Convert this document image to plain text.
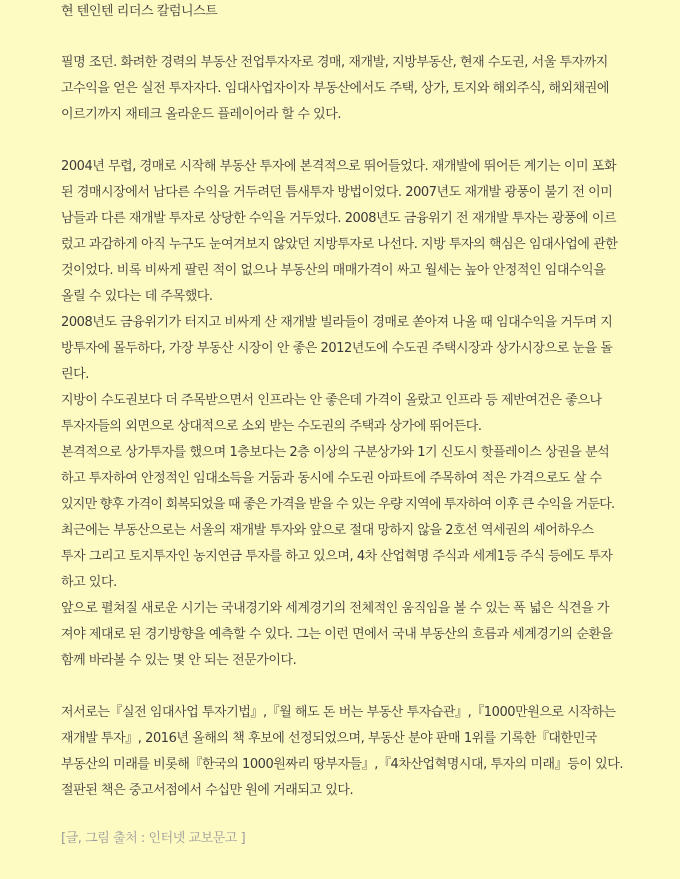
현 텐인텐 리더스 칼럼니스트
필명 조던. 화려한 경력의 부동산 전업투자자로 경매, 재개발, 지방부동산, 현재 수도권, 서울 투자까지
고수익을 얻은 실전 투자자다. 임대사업자이자 부동산에서도 주택, 상가, 토지와 해외주식, 해외채권에
이르기까지 재테크 올라운드 플레이어라 할 수 있다.
2004년 무렵, 경매로 시작해 부동산 투자에 본격적으로 뛰어들었다. 재개발에 뛰어든 계기는 이미 포화
된 경매시장에서 남다른 수익을 거두려던 틈새투자 방법이었다. 2007년도 재개발 광풍이 불기 전 이미
남들과 다른 재개발 투자로 상당한 수익을 거두었다. 2008년도 금융위기 전 재개발 투자는 광풍에 이르
렀고 과감하게 아직 누구도 눈여겨보지 않았던 지방투자로 나선다. 지방 투자의 핵심은 임대사업에 관한
것이었다. 비록 비싸게 팔린 적이 없으나 부동산의 매매가격이 싸고 월세는 높아 안정적인 임대수익을
올릴 수 있다는 데 주목했다.
2008년도 금융위기가 터지고 비싸게 산 재개발 빌라들이 경매로 쏟아져 나올 때 임대수익을 거두며 지
방투자에 몰두하다, 가장 부동산 시장이 안 좋은 2012년도에 수도권 주택시장과 상가시장으로 눈을 돌
린다.
지방이 수도권보다 더 주목받으면서 인프라는 안 좋은데 가격이 올랐고 인프라 등 제반여건은 좋으나
투자자들의 외면으로 상대적으로 소외 받는 수도권의 주택과 상가에 뛰어든다.
본격적으로 상가투자를 했으며 1층보다는 2층 이상의 구분상가와 1기 신도시 핫플레이스 상권을 분석
하고 투자하여 안정적인 임대소득을 거둠과 동시에 수도권 아파트에 주목하여 적은 가격으로도 살 수
있지만 향후 가격이 회복되었을 때 좋은 가격을 받을 수 있는 우량 지역에 투자하여 이후 큰 수익을 거둔다.
최근에는 부동산으로는 서울의 재개발 투자와 앞으로 절대 망하지 않을 2호선 역세권의 셰어하우스
투자 그리고 토지투자인 농지연금 투자를 하고 있으며, 4차 산업혁명 주식과 세계1등 주식 등에도 투자
하고 있다.
앞으로 펼쳐질 새로운 시기는 국내경기와 세계경기의 전체적인 움직임을 볼 수 있는 폭 넓은 식견을 가
져야 제대로 된 경기방향을 예측할 수 있다. 그는 이런 면에서 국내 부동산의 흐름과 세계경기의 순환을
함께 바라볼 수 있는 몇 안 되는 전문가이다.
저서로는『실전 임대사업 투자기법』,『월 해도 돈 버는 부동산 투자습관』,『1000만원으로 시작하는
재개발 투자』, 2016년 올해의 책 후보에 선정되었으며, 부동산 분야 판매 1위를 기록한『대한민국
부동산의 미래를 비롯해『한국의 1000원짜리 땅부자들』,『4차산업혁명시대, 투자의 미래』등이 있다.
절판된 책은 중고서점에서 수십만 원에 거래되고 있다.
[글, 그림 출처 : 인터넷 교보문고 ]
